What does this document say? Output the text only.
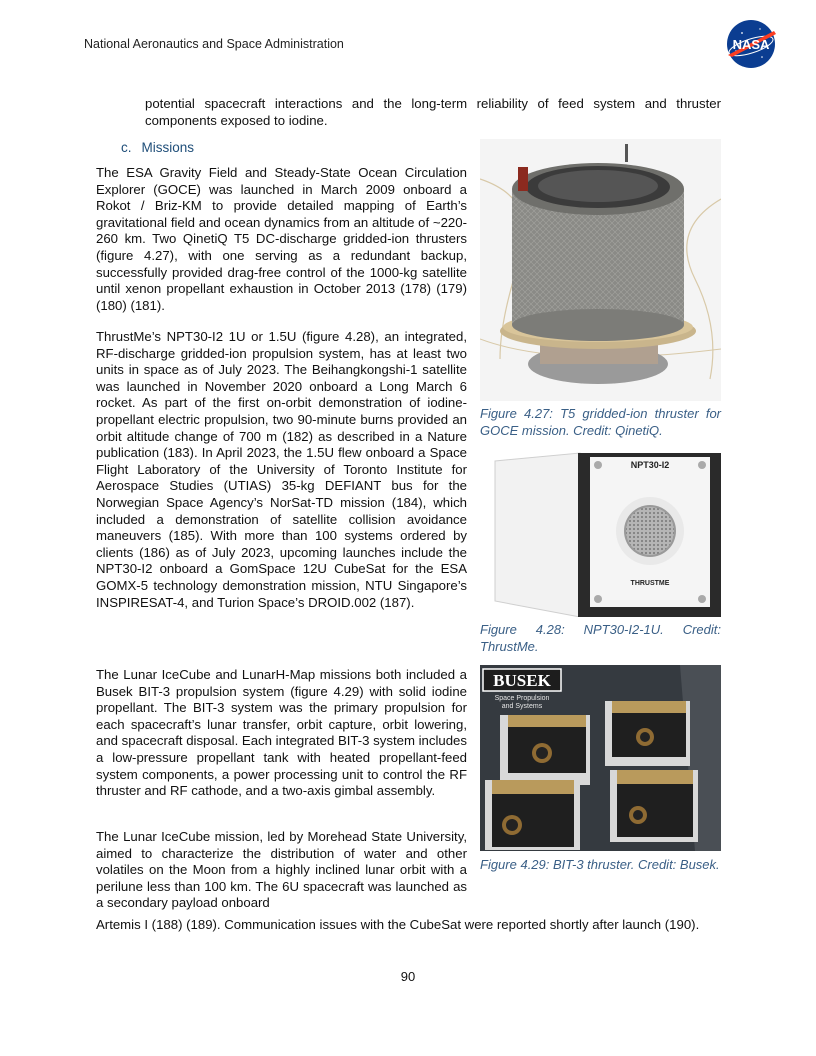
National Aeronautics and Space Administration	NASA

potential spacecraft interactions and the long-term reliability of feed system and thruster components exposed to iodine.

c. Missions

The ESA Gravity Field and Steady-State Ocean Circulation Explorer (GOCE) was launched in March 2009 onboard a Rokot / Briz-KM to provide detailed mapping of Earth’s gravitational field and ocean dynamics from an altitude of ~220-260 km. Two QinetiQ T5 DC-discharge gridded-ion thrusters (figure 4.27), with one serving as a redundant backup, successfully provided drag-free control of the 1000-kg satellite until xenon propellant exhaustion in October 2013 (178) (179) (180) (181).

ThrustMe’s NPT30-I2 1U or 1.5U (figure 4.28), an integrated, RF-discharge gridded-ion propulsion system, has at least two units in space as of July 2023. The Beihangkongshi-1 satellite was launched in November 2020 onboard a Long March 6 rocket. As part of the first on-orbit demonstration of iodine-propellant electric propulsion, two 90-minute burns provided an orbit altitude change of 700 m (182) as described in a Nature publication (183). In April 2023, the 1.5U flew onboard a Space Flight Laboratory of the University of Toronto Institute for Aerospace Studies (UTIAS) 35-kg DEFIANT bus for the Norwegian Space Agency’s NorSat-TD mission (184), which included a demonstration of satellite collision avoidance maneuvers (185). With more than 100 systems ordered by clients (186) as of July 2023, upcoming launches include the NPT30-I2 onboard a GomSpace 12U CubeSat for the ESA GOMX-5 technology demonstration mission, NTU Singapore’s INSPIRESAT-4, and Turion Space’s DROID.002 (187).

The Lunar IceCube and LunarH-Map missions both included a Busek BIT-3 propulsion system (figure 4.29) with solid iodine propellant. The BIT-3 system was the primary propulsion for each spacecraft’s lunar transfer, orbit capture, orbit lowering, and spacecraft disposal. Each integrated BIT-3 system includes a low-pressure propellant tank with heated propellant-feed system components, a power processing unit to control the RF thruster and RF cathode, and a two-axis gimbal assembly.

The Lunar IceCube mission, led by Morehead State University, aimed to characterize the distribution of water and other volatiles on the Moon from a highly inclined lunar orbit with a perilune less than 100 km. The 6U spacecraft was launched as a secondary payload onboard

Artemis I (188) (189). Communication issues with the CubeSat were reported shortly after launch (190).

Figure 4.27: T5 gridded-ion thruster for GOCE mission. Credit: QinetiQ.

NPT30-I2
THRUSTME

Figure 4.28: NPT30-I2-1U. Credit: ThrustMe.

BUSEK
Space Propulsion
and Systems

Figure 4.29: BIT-3 thruster. Credit: Busek.

90
